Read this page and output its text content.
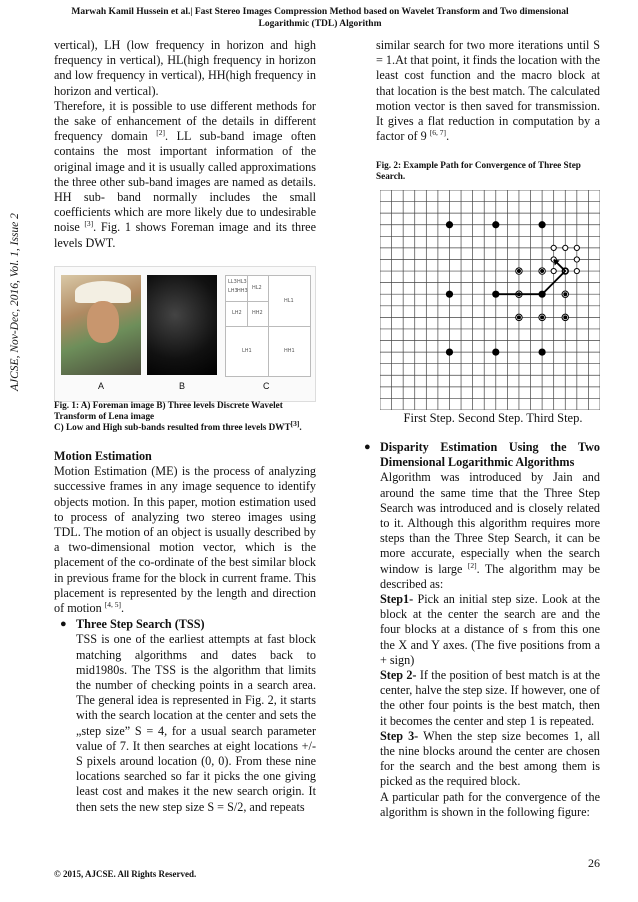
Marwah Kamil Hussein et al.| Fast Stereo Images Compression Method based on Wavelet Transform and Two dimensional
Logarithmic (TDL) Algorithm
AJCSE, Nov-Dec, 2016, Vol. 1, Issue 2

vertical), LH (low frequency in horizon and high frequency in vertical), HL(high frequency in horizon and low frequency in vertical), HH(high frequency in horizon and vertical).

Therefore, it is possible to use different methods for the sake of enhancement of the details in different frequency domain [2]. LL sub-band image often contains the most important information of the original image and it is usually called approximations the three other sub-band images are named as details. HH sub- band normally includes the small coefficients which are more likely due to undesirable noise [3]. Fig. 1 shows Foreman image and its three levels DWT.

LL3 HL3
LH3 HH3 HL2
LH2 HH2
HL1
LH1	HH1
A	B	C
Fig. 1: A) Foreman image B) Three levels Discrete Wavelet Transform of Lena image
C) Low and High sub-bands resulted from three levels DWT[3].

Motion Estimation

Motion Estimation (ME) is the process of analyzing successive frames in any image sequence to identify objects motion. In this paper, motion estimation used to process of analyzing two stereo images using TDL. The motion of an object is usually described by a two-dimensional motion vector, which is the placement of the co-ordinate of the best similar block in previous frame for the block in current frame. This placement is represented by the length and direction of motion [4, 5].

● Three Step Search (TSS)

TSS is one of the earliest attempts at fast block matching algorithms and dates back to mid1980s. The TSS is the algorithm that limits the number of checking points in a search area. The general idea is represented in Fig. 2, it starts with the search location at the center and sets the „step size” S = 4, for a usual search parameter value of 7. It then searches at eight locations +/- S pixels around location (0, 0). From these nine locations searched so far it picks the one giving least cost and makes it the new search origin. It then sets the new step size S = S/2, and repeats

similar search for two more iterations until S = 1.At that point, it finds the location with the least cost function and the macro block at that location is the best match. The calculated motion vector is then saved for transmission. It gives a flat reduction in computation by a factor of 9 [6, 7].

Fig. 2: Example Path for Convergence of Three Step Search.
First Step. Second Step. Third Step.

● Disparity Estimation Using the Two Dimensional Logarithmic Algorithms

Algorithm was introduced by Jain and around the same time that the Three Step Search was introduced and is closely related to it. Although this algorithm requires more steps than the Three Step Search, it can be more accurate, especially when the search window is large [2]. The algorithm may be described as:

Step1- Pick an initial step size. Look at the block at the center the search are and the four blocks at a distance of s from this one the X and Y axes. (The five positions from a + sign)

Step 2- If the position of best match is at the center, halve the step size. If however, one of the other four points is the best match, then it becomes the center and step 1 is repeated.

Step 3- When the step size becomes 1, all the nine blocks around the center are chosen for the search and the best among them is picked as the required block.

A particular path for the convergence of the algorithm is shown in the following figure:

26
© 2015, AJCSE. All Rights Reserved.
